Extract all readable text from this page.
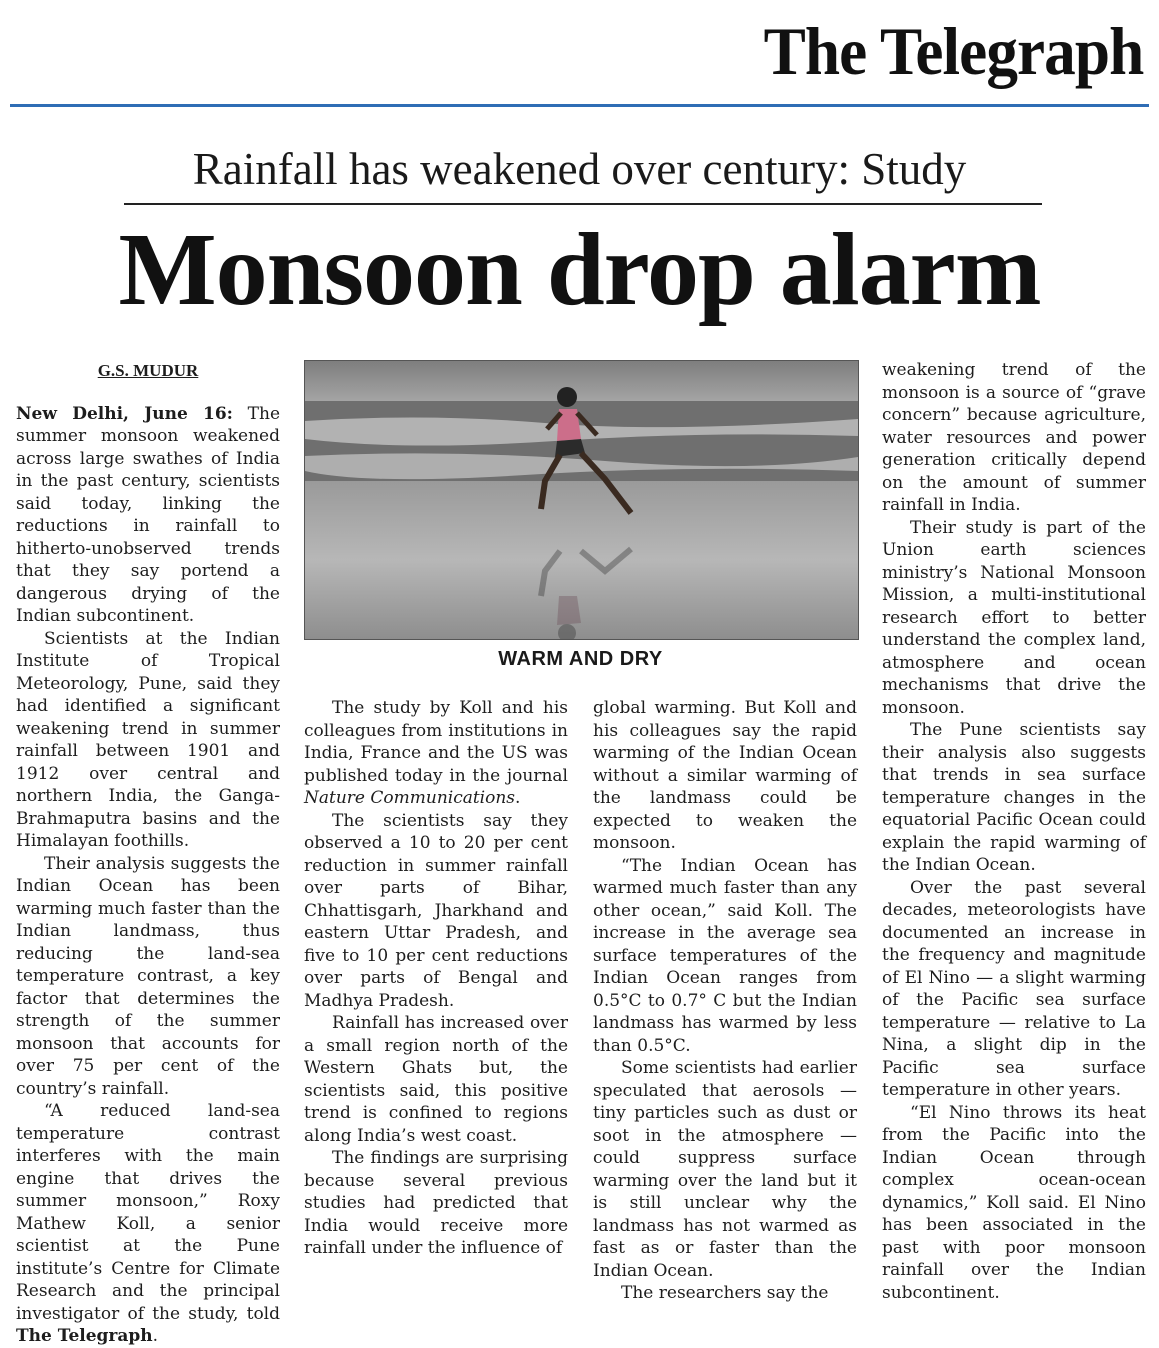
The Telegraph
Rainfall has weakened over century: Study
Monsoon drop alarm
G.S. MUDUR

New Delhi, June 16: The summer monsoon weakened across large swathes of India in the past century, scientists said today, linking the reductions in rainfall to hitherto-unobserved trends that they say portend a dangerous drying of the Indian subcontinent.

Scientists at the Indian Institute of Tropical Meteorology, Pune, said they had identified a significant weakening trend in summer rainfall between 1901 and 1912 over central and northern India, the Ganga-Brahmaputra basins and the Himalayan foothills.

Their analysis suggests the Indian Ocean has been warming much faster than the Indian landmass, thus reducing the land-sea temperature contrast, a key factor that determines the strength of the summer monsoon that accounts for over 75 per cent of the country’s rainfall.

“A reduced land-sea temperature contrast interferes with the main engine that drives the summer monsoon,” Roxy Mathew Koll, a senior scientist at the Pune institute’s Centre for Climate Research and the principal investigator of the study, told The Telegraph.

WARM AND DRY

The study by Koll and his colleagues from institutions in India, France and the US was published today in the journal Nature Communications.

The scientists say they observed a 10 to 20 per cent reduction in summer rainfall over parts of Bihar, Chhattisgarh, Jharkhand and eastern Uttar Pradesh, and five to 10 per cent reductions over parts of Bengal and Madhya Pradesh.

Rainfall has increased over a small region north of the Western Ghats but, the scientists said, this positive trend is confined to regions along India’s west coast.

The findings are surprising because several previous studies had predicted that India would receive more rainfall under the influence of

global warming. But Koll and his colleagues say the rapid warming of the Indian Ocean without a similar warming of the landmass could be expected to weaken the monsoon.

“The Indian Ocean has warmed much faster than any other ocean,” said Koll. The increase in the average sea surface temperatures of the Indian Ocean ranges from 0.5°C to 0.7° C but the Indian landmass has warmed by less than 0.5°C.

Some scientists had earlier speculated that aerosols — tiny particles such as dust or soot in the atmosphere — could suppress surface warming over the land but it is still unclear why the landmass has not warmed as fast as or faster than the Indian Ocean.

The researchers say the

weakening trend of the monsoon is a source of “grave concern” because agriculture, water resources and power generation critically depend on the amount of summer rainfall in India.

Their study is part of the Union earth sciences ministry’s National Monsoon Mission, a multi-institutional research effort to better understand the complex land, atmosphere and ocean mechanisms that drive the monsoon.

The Pune scientists say their analysis also suggests that trends in sea surface temperature changes in the equatorial Pacific Ocean could explain the rapid warming of the Indian Ocean.

Over the past several decades, meteorologists have documented an increase in the frequency and magnitude of El Nino — a slight warming of the Pacific sea surface temperature — relative to La Nina, a slight dip in the Pacific sea surface temperature in other years.

“El Nino throws its heat from the Pacific into the Indian Ocean through complex ocean-ocean dynamics,” Koll said. El Nino has been associated in the past with poor monsoon rainfall over the Indian subcontinent.
